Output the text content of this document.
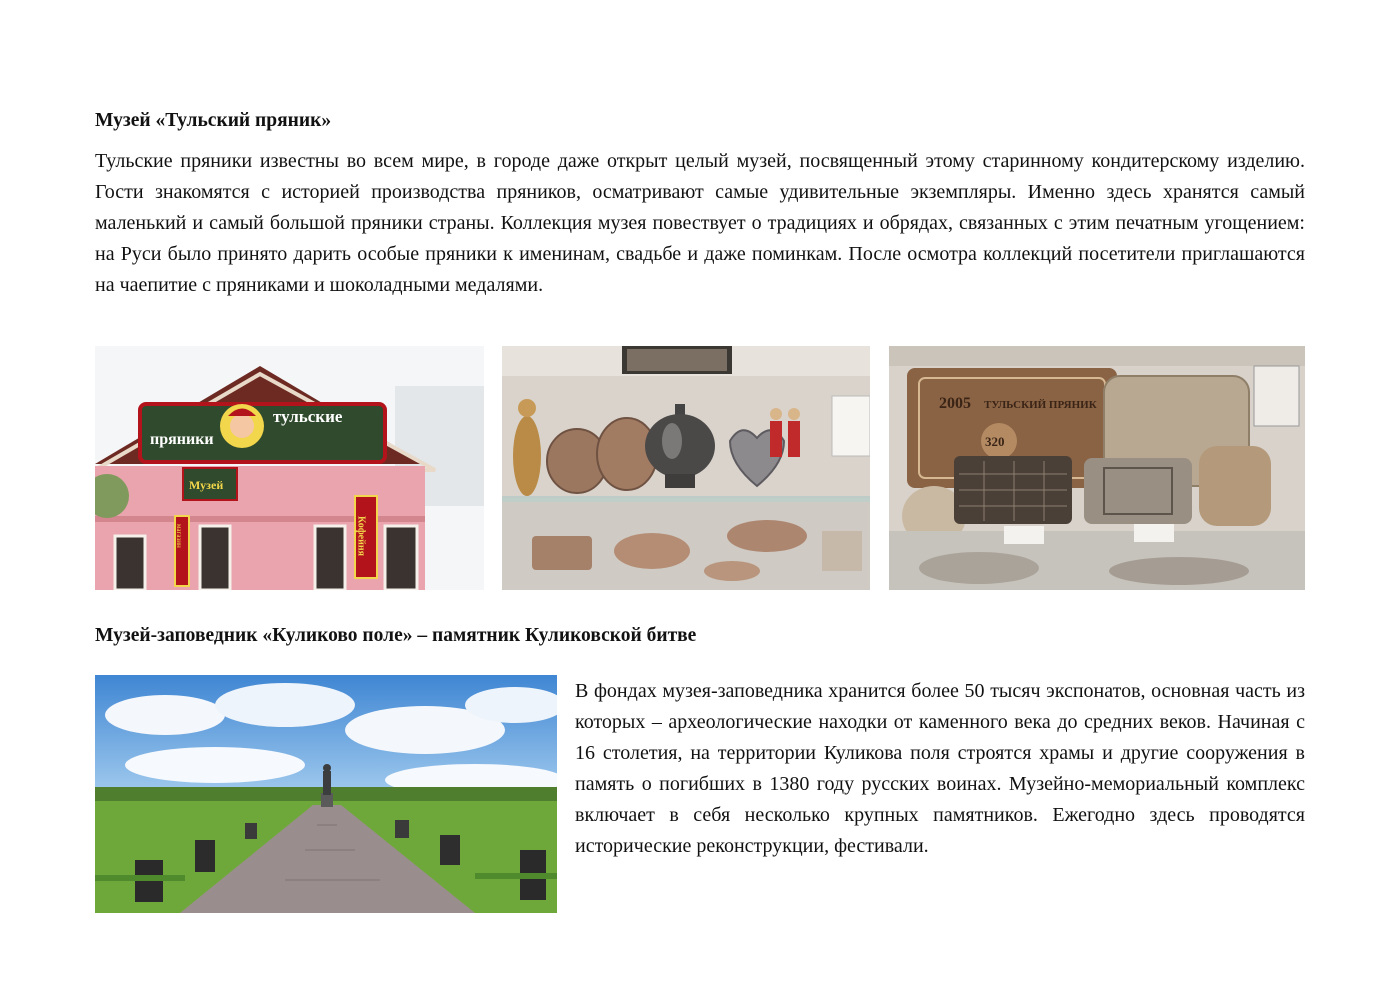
Музей «Тульский пряник»

Тульские пряники известны во всем мире, в городе даже открыт целый музей, посвященный этому старинному кондитерскому изделию. Гости знакомятся с историей производства пряников, осматривают самые удивительные экземпляры. Именно здесь хранятся самый маленький и самый большой пряники страны. Коллекция музея повествует о традициях и обрядах, связанных с этим печатным угощением: на Руси было принято дарить особые пряники к именинам, свадьбе и даже поминкам. После осмотра коллекций посетители приглашаются на чаепитие с пряниками и шоколадными медалями.

пряники
тульские
Музей
Кофейня
магазин
2005 ТУЛЬСКИЙ ПРЯНИК
320
Музей-заповедник «Куликово поле» – памятник Куликовской битве

В фондах музея-заповедника хранится более 50 тысяч экспонатов, основная часть из которых – археологические находки от каменного века до средних веков. Начиная с 16 столетия, на территории Куликова поля строятся храмы и другие сооружения в память о погибших в 1380 году русских воинах. Музейно-мемориальный комплекс включает в себя несколько крупных памятников. Ежегодно здесь проводятся исторические реконструкции, фестивали.
